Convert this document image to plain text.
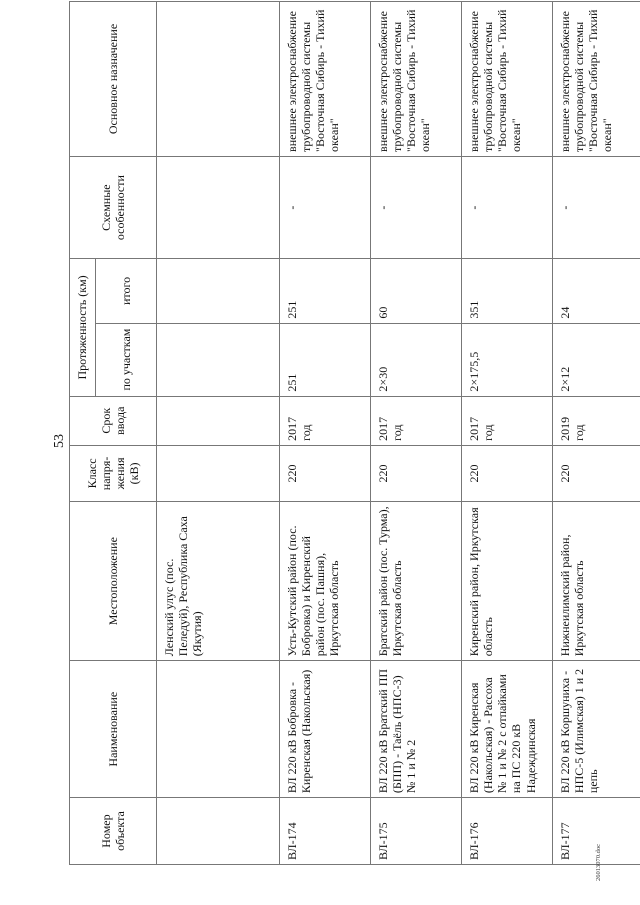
53
Номер объекта	Наименование	Местоположение	Класс напря-жения (кВ)	Срок ввода	Протяженность (км)		Схемные особенности	Основное назначение
					по участкам	итого		
		Ленский улус (пос. Пеледуй), Республика Саха (Якутия)						
ВЛ-174	ВЛ 220 кВ Бобровка - Киренская (Накольская)	Усть-Кутский район (пос. Бобровка) и Киренский район (пос. Пашня), Иркутская область	220	2017 год	251	251	-	внешнее электроснабжение трубопроводной системы "Восточная Сибирь - Тихий океан"
ВЛ-175	ВЛ 220 кВ Братский ПП (БПП) - Таёль (НПС-3) № 1 и № 2	Братский район (пос. Турма), Иркутская область	220	2017 год	2×30	60	-	внешнее электроснабжение трубопроводной системы "Восточная Сибирь - Тихий океан"
ВЛ-176	ВЛ 220 кВ Киренская (Накольская) - Рассоха № 1 и № 2 с отпайками на ПС 220 кВ Надеждинская	Киренский район, Иркутская область	220	2017 год	2×175,5	351	-	внешнее электроснабжение трубопроводной системы "Восточная Сибирь - Тихий океан"
ВЛ-177	ВЛ 220 кВ Коршуниха - НПС-5 (Илимская) 1 и 2 цепь	Нижнеилимский район, Иркутская область	220	2019 год	2×12	24	-	внешнее электроснабжение трубопроводной системы "Восточная Сибирь - Тихий океан"
26013070.doc
